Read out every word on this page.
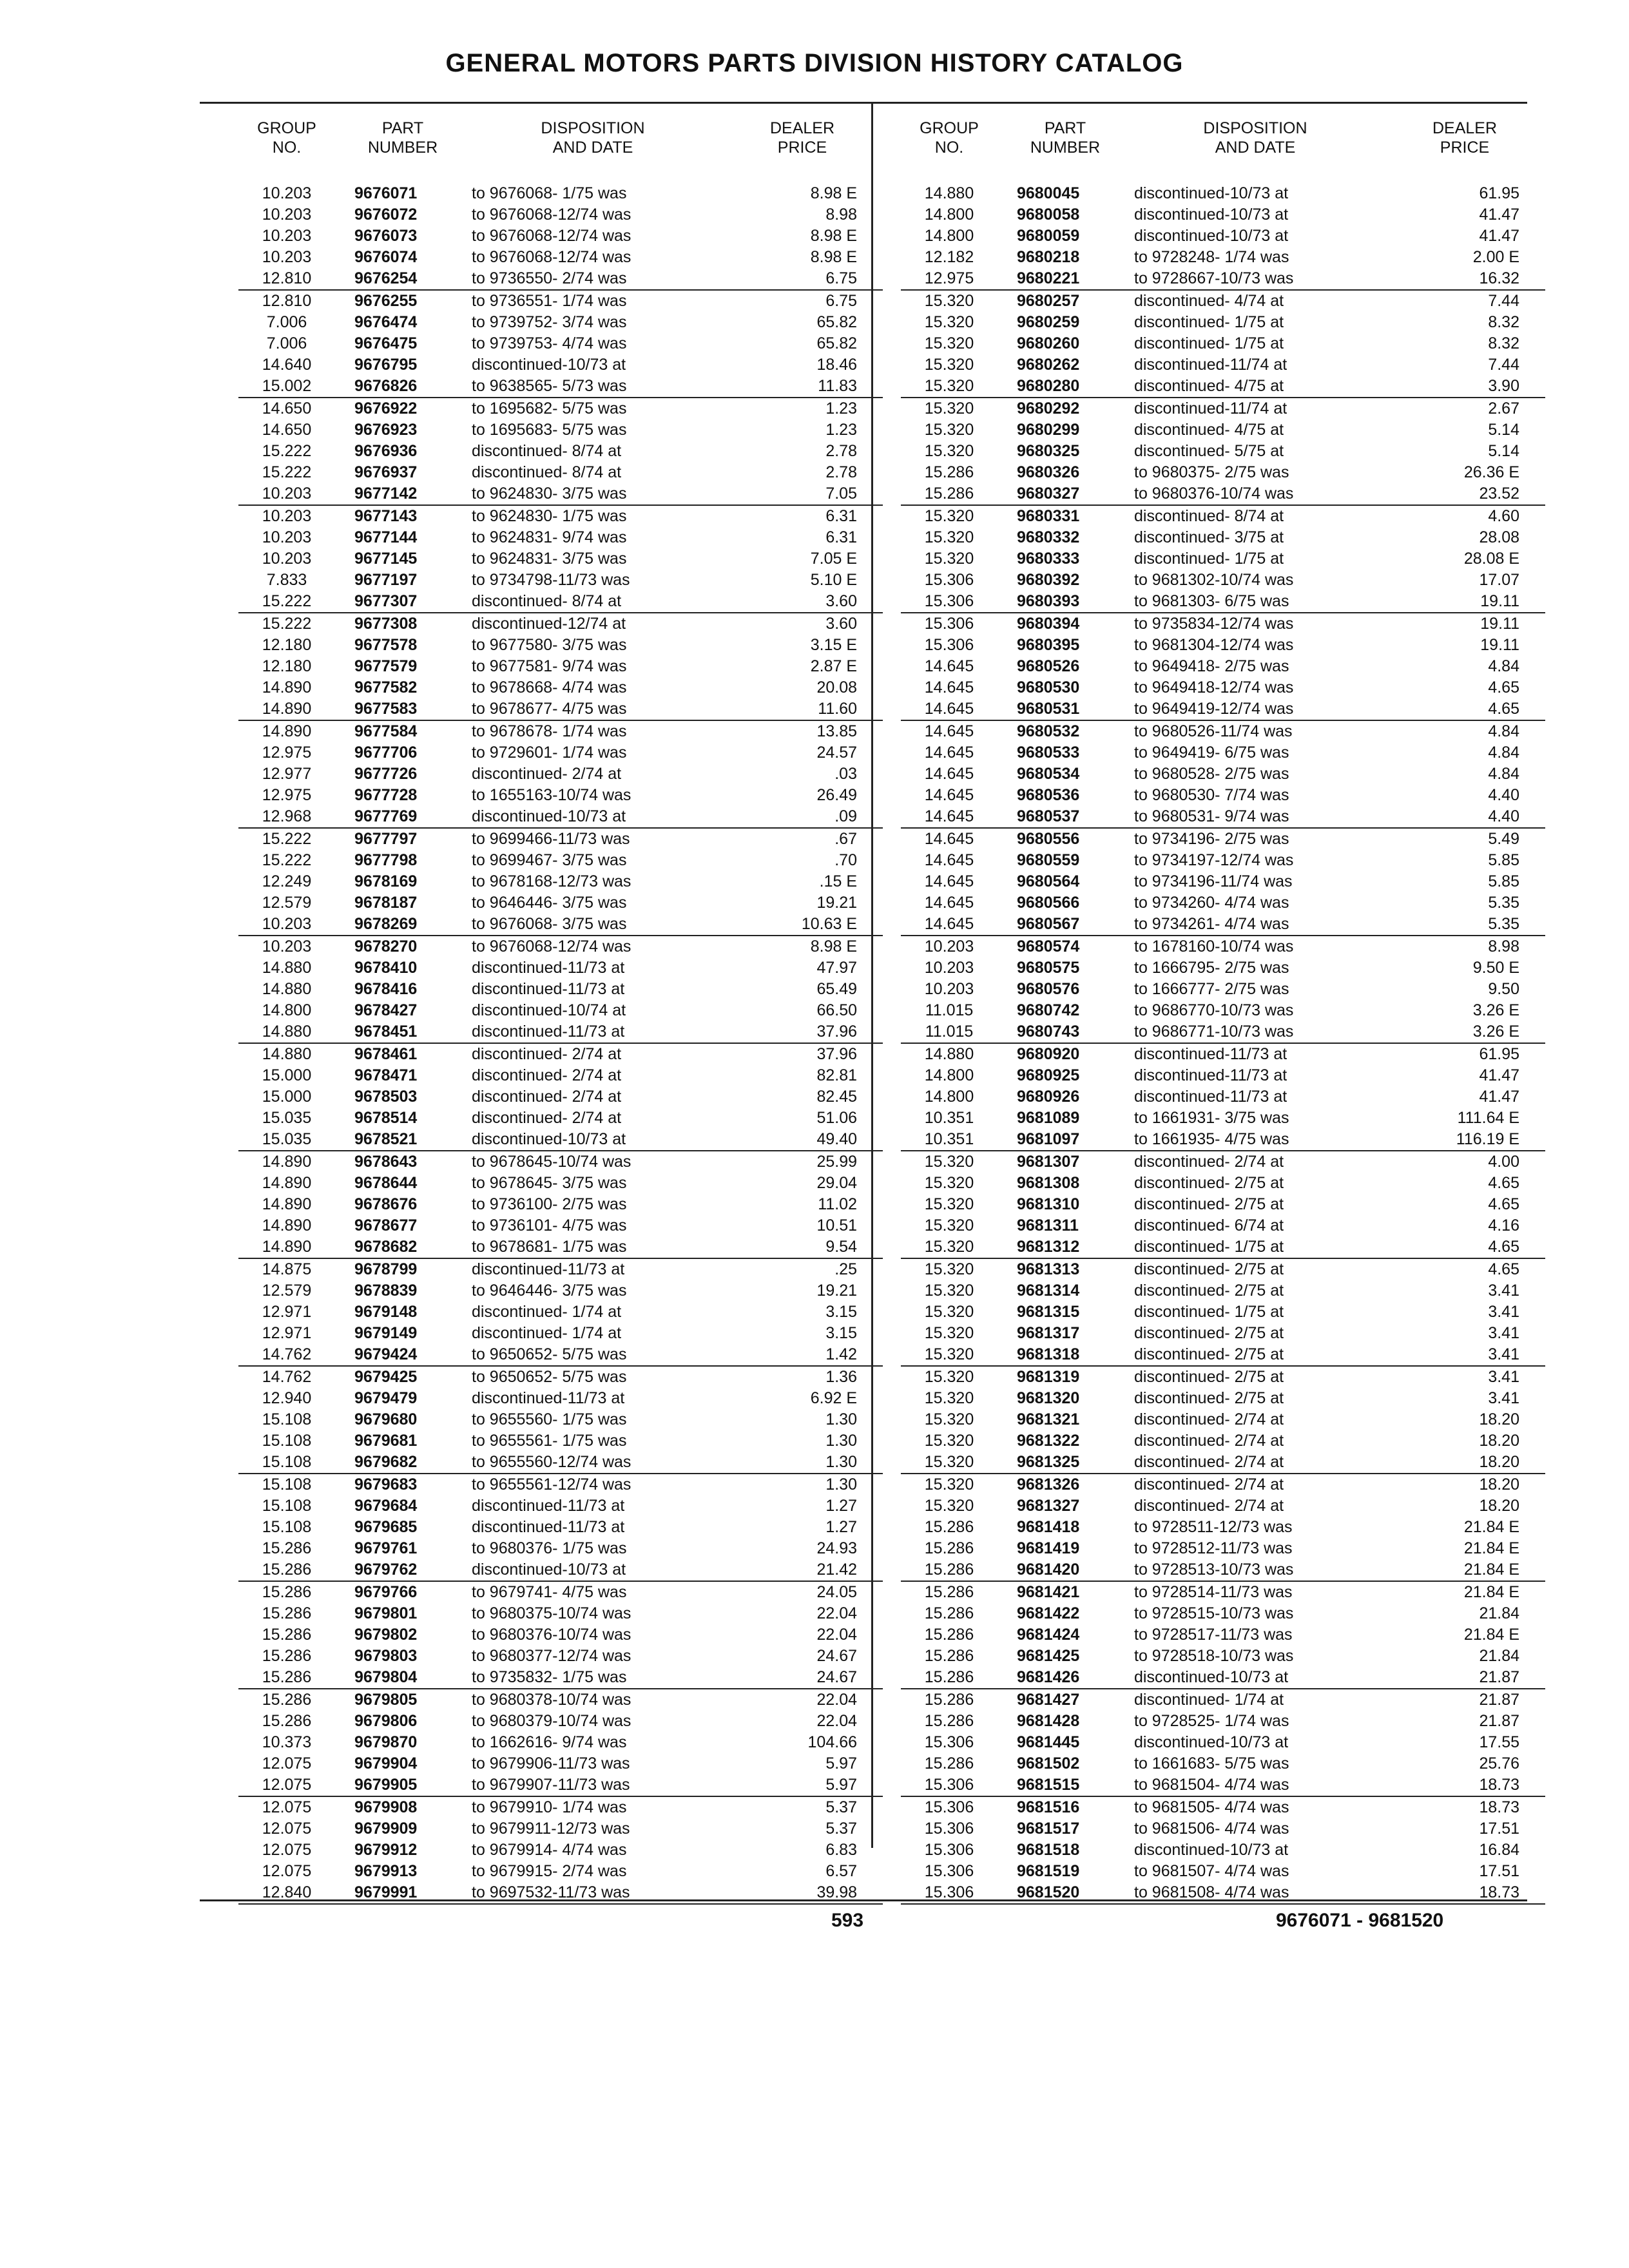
GENERAL MOTORS PARTS DIVISION HISTORY CATALOG
GROUP
NO.
PART
NUMBER
DISPOSITION
AND DATE
DEALER
PRICE
10.203	9676071	to 9676068- 1/75 was	8.98 E
10.203	9676072	to 9676068-12/74 was	8.98
10.203	9676073	to 9676068-12/74 was	8.98 E
10.203	9676074	to 9676068-12/74 was	8.98 E
12.810	9676254	to 9736550- 2/74 was	6.75
12.810	9676255	to 9736551- 1/74 was	6.75
7.006	9676474	to 9739752- 3/74 was	65.82
7.006	9676475	to 9739753- 4/74 was	65.82
14.640	9676795	discontinued-10/73 at	18.46
15.002	9676826	to 9638565- 5/73 was	11.83
14.650	9676922	to 1695682- 5/75 was	1.23
14.650	9676923	to 1695683- 5/75 was	1.23
15.222	9676936	discontinued- 8/74 at	2.78
15.222	9676937	discontinued- 8/74 at	2.78
10.203	9677142	to 9624830- 3/75 was	7.05
10.203	9677143	to 9624830- 1/75 was	6.31
10.203	9677144	to 9624831- 9/74 was	6.31
10.203	9677145	to 9624831- 3/75 was	7.05 E
7.833	9677197	to 9734798-11/73 was	5.10 E
15.222	9677307	discontinued- 8/74 at	3.60
15.222	9677308	discontinued-12/74 at	3.60
12.180	9677578	to 9677580- 3/75 was	3.15 E
12.180	9677579	to 9677581- 9/74 was	2.87 E
14.890	9677582	to 9678668- 4/74 was	20.08
14.890	9677583	to 9678677- 4/75 was	11.60
14.890	9677584	to 9678678- 1/74 was	13.85
12.975	9677706	to 9729601- 1/74 was	24.57
12.977	9677726	discontinued- 2/74 at	.03
12.975	9677728	to 1655163-10/74 was	26.49
12.968	9677769	discontinued-10/73 at	.09
15.222	9677797	to 9699466-11/73 was	.67
15.222	9677798	to 9699467- 3/75 was	.70
12.249	9678169	to 9678168-12/73 was	.15 E
12.579	9678187	to 9646446- 3/75 was	19.21
10.203	9678269	to 9676068- 3/75 was	10.63 E
10.203	9678270	to 9676068-12/74 was	8.98 E
14.880	9678410	discontinued-11/73 at	47.97
14.880	9678416	discontinued-11/73 at	65.49
14.800	9678427	discontinued-10/74 at	66.50
14.880	9678451	discontinued-11/73 at	37.96
14.880	9678461	discontinued- 2/74 at	37.96
15.000	9678471	discontinued- 2/74 at	82.81
15.000	9678503	discontinued- 2/74 at	82.45
15.035	9678514	discontinued- 2/74 at	51.06
15.035	9678521	discontinued-10/73 at	49.40
14.890	9678643	to 9678645-10/74 was	25.99
14.890	9678644	to 9678645- 3/75 was	29.04
14.890	9678676	to 9736100- 2/75 was	11.02
14.890	9678677	to 9736101- 4/75 was	10.51
14.890	9678682	to 9678681- 1/75 was	9.54
14.875	9678799	discontinued-11/73 at	.25
12.579	9678839	to 9646446- 3/75 was	19.21
12.971	9679148	discontinued- 1/74 at	3.15
12.971	9679149	discontinued- 1/74 at	3.15
14.762	9679424	to 9650652- 5/75 was	1.42
14.762	9679425	to 9650652- 5/75 was	1.36
12.940	9679479	discontinued-11/73 at	6.92 E
15.108	9679680	to 9655560- 1/75 was	1.30
15.108	9679681	to 9655561- 1/75 was	1.30
15.108	9679682	to 9655560-12/74 was	1.30
15.108	9679683	to 9655561-12/74 was	1.30
15.108	9679684	discontinued-11/73 at	1.27
15.108	9679685	discontinued-11/73 at	1.27
15.286	9679761	to 9680376- 1/75 was	24.93
15.286	9679762	discontinued-10/73 at	21.42
15.286	9679766	to 9679741- 4/75 was	24.05
15.286	9679801	to 9680375-10/74 was	22.04
15.286	9679802	to 9680376-10/74 was	22.04
15.286	9679803	to 9680377-12/74 was	24.67
15.286	9679804	to 9735832- 1/75 was	24.67
15.286	9679805	to 9680378-10/74 was	22.04
15.286	9679806	to 9680379-10/74 was	22.04
10.373	9679870	to 1662616- 9/74 was	104.66
12.075	9679904	to 9679906-11/73 was	5.97
12.075	9679905	to 9679907-11/73 was	5.97
12.075	9679908	to 9679910- 1/74 was	5.37
12.075	9679909	to 9679911-12/73 was	5.37
12.075	9679912	to 9679914- 4/74 was	6.83
12.075	9679913	to 9679915- 2/74 was	6.57
12.840	9679991	to 9697532-11/73 was	39.98
GROUP
NO.
PART
NUMBER
DISPOSITION
AND DATE
DEALER
PRICE
14.880	9680045	discontinued-10/73 at	61.95
14.800	9680058	discontinued-10/73 at	41.47
14.800	9680059	discontinued-10/73 at	41.47
12.182	9680218	to 9728248- 1/74 was	2.00 E
12.975	9680221	to 9728667-10/73 was	16.32
15.320	9680257	discontinued- 4/74 at	7.44
15.320	9680259	discontinued- 1/75 at	8.32
15.320	9680260	discontinued- 1/75 at	8.32
15.320	9680262	discontinued-11/74 at	7.44
15.320	9680280	discontinued- 4/75 at	3.90
15.320	9680292	discontinued-11/74 at	2.67
15.320	9680299	discontinued- 4/75 at	5.14
15.320	9680325	discontinued- 5/75 at	5.14
15.286	9680326	to 9680375- 2/75 was	26.36 E
15.286	9680327	to 9680376-10/74 was	23.52
15.320	9680331	discontinued- 8/74 at	4.60
15.320	9680332	discontinued- 3/75 at	28.08
15.320	9680333	discontinued- 1/75 at	28.08 E
15.306	9680392	to 9681302-10/74 was	17.07
15.306	9680393	to 9681303- 6/75 was	19.11
15.306	9680394	to 9735834-12/74 was	19.11
15.306	9680395	to 9681304-12/74 was	19.11
14.645	9680526	to 9649418- 2/75 was	4.84
14.645	9680530	to 9649418-12/74 was	4.65
14.645	9680531	to 9649419-12/74 was	4.65
14.645	9680532	to 9680526-11/74 was	4.84
14.645	9680533	to 9649419- 6/75 was	4.84
14.645	9680534	to 9680528- 2/75 was	4.84
14.645	9680536	to 9680530- 7/74 was	4.40
14.645	9680537	to 9680531- 9/74 was	4.40
14.645	9680556	to 9734196- 2/75 was	5.49
14.645	9680559	to 9734197-12/74 was	5.85
14.645	9680564	to 9734196-11/74 was	5.85
14.645	9680566	to 9734260- 4/74 was	5.35
14.645	9680567	to 9734261- 4/74 was	5.35
10.203	9680574	to 1678160-10/74 was	8.98
10.203	9680575	to 1666795- 2/75 was	9.50 E
10.203	9680576	to 1666777- 2/75 was	9.50
11.015	9680742	to 9686770-10/73 was	3.26 E
11.015	9680743	to 9686771-10/73 was	3.26 E
14.880	9680920	discontinued-11/73 at	61.95
14.800	9680925	discontinued-11/73 at	41.47
14.800	9680926	discontinued-11/73 at	41.47
10.351	9681089	to 1661931- 3/75 was	111.64 E
10.351	9681097	to 1661935- 4/75 was	116.19 E
15.320	9681307	discontinued- 2/74 at	4.00
15.320	9681308	discontinued- 2/75 at	4.65
15.320	9681310	discontinued- 2/75 at	4.65
15.320	9681311	discontinued- 6/74 at	4.16
15.320	9681312	discontinued- 1/75 at	4.65
15.320	9681313	discontinued- 2/75 at	4.65
15.320	9681314	discontinued- 2/75 at	3.41
15.320	9681315	discontinued- 1/75 at	3.41
15.320	9681317	discontinued- 2/75 at	3.41
15.320	9681318	discontinued- 2/75 at	3.41
15.320	9681319	discontinued- 2/75 at	3.41
15.320	9681320	discontinued- 2/75 at	3.41
15.320	9681321	discontinued- 2/74 at	18.20
15.320	9681322	discontinued- 2/74 at	18.20
15.320	9681325	discontinued- 2/74 at	18.20
15.320	9681326	discontinued- 2/74 at	18.20
15.320	9681327	discontinued- 2/74 at	18.20
15.286	9681418	to 9728511-12/73 was	21.84 E
15.286	9681419	to 9728512-11/73 was	21.84 E
15.286	9681420	to 9728513-10/73 was	21.84 E
15.286	9681421	to 9728514-11/73 was	21.84 E
15.286	9681422	to 9728515-10/73 was	21.84
15.286	9681424	to 9728517-11/73 was	21.84 E
15.286	9681425	to 9728518-10/73 was	21.84
15.286	9681426	discontinued-10/73 at	21.87
15.286	9681427	discontinued- 1/74 at	21.87
15.286	9681428	to 9728525- 1/74 was	21.87
15.306	9681445	discontinued-10/73 at	17.55
15.286	9681502	to 1661683- 5/75 was	25.76
15.306	9681515	to 9681504- 4/74 was	18.73
15.306	9681516	to 9681505- 4/74 was	18.73
15.306	9681517	to 9681506- 4/74 was	17.51
15.306	9681518	discontinued-10/73 at	16.84
15.306	9681519	to 9681507- 4/74 was	17.51
15.306	9681520	to 9681508- 4/74 was	18.73
593	9676071 - 9681520
